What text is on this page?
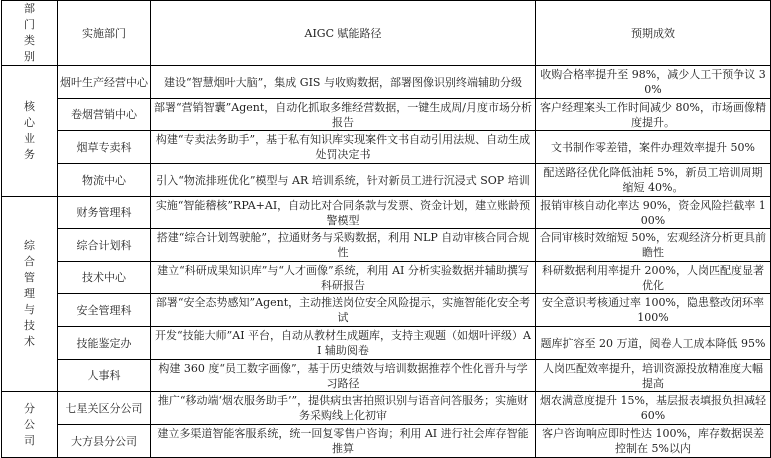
部门类别	实施部门	AIGC 赋能路径	预期成效
核心业务	烟叶生产经营中心	建设“智慧烟叶大脑”，集成 GIS 与收购数据，部署图像识别终端辅助分级	收购合格率提升至 98%，减少人工干预争议 30%
	卷烟营销中心	部署“营销智囊”Agent，自动化抓取多维经营数据，一键生成周/月度市场分析报告	客户经理案头工作时间减少 80%，市场画像精度提升。
	烟草专卖科	构建“专卖法务助手”，基于私有知识库实现案件文书自动引用法规、自动生成处罚决定书	文书制作零差错，案件办理效率提升 50%
	物流中心	引入“物流排班优化”模型与 AR 培训系统，针对新员工进行沉浸式 SOP 培训	配送路径优化降低油耗 5%，新员工培训周期缩短 40%。
综合管理与技术	财务管理科	实施“智能稽核”RPA+AI，自动比对合同条款与发票、资金计划，建立账龄预警模型	报销审核自动化率达 90%，资金风险拦截率 100%
	综合计划科	搭建“综合计划驾驶舱”，拉通财务与采购数据，利用 NLP 自动审核合同合规性	合同审核时效缩短 50%，宏观经济分析更具前瞻性
	技术中心	建立“科研成果知识库”与“人才画像”系统，利用 AI 分析实验数据并辅助撰写科研报告	科研数据利用率提升 200%，人岗匹配度显著优化
	安全管理科	部署“安全态势感知”Agent，主动推送岗位安全风险提示，实施智能化安全考试	安全意识考核通过率 100%，隐患整改闭环率 100%
	技能鉴定办	开发“技能大师”AI 平台，自动从教材生成题库，支持主观题（如烟叶评级）AI 辅助阅卷	题库扩容至 20 万道，阅卷人工成本降低 95%
	人事科	构建 360 度“员工数字画像”，基于历史绩效与培训数据推荐个性化晋升与学习路径	人岗匹配效率提升，培训资源投放精准度大幅提高
分公司	七星关区分公司	推广“移动端‘烟农服务助手’”，提供病虫害拍照识别与语音问答服务；实施财务采购线上化初审	烟农满意度提升 15%，基层报表填报负担减轻 60%
	大方县分公司	建立多渠道智能客服系统，统一回复零售户咨询；利用 AI 进行社会库存智能推算	客户咨询响应即时性达 100%，库存数据误差控制在 5%以内
